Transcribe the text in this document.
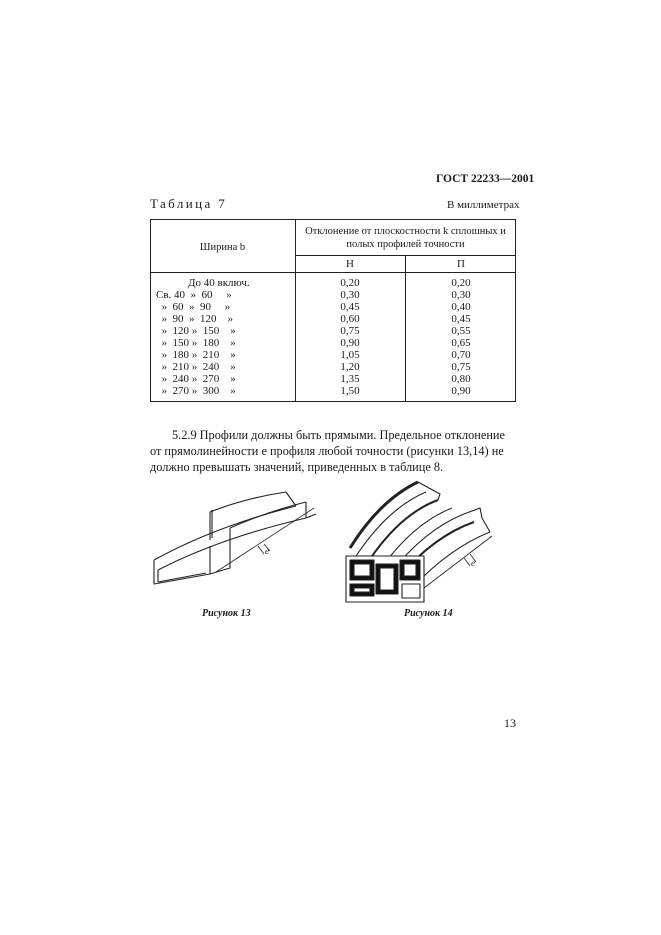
ГОСТ 22233—2001
Таблица 7	В миллиметрах
Ширина b
Отклонение от плоскостности k сплошных и
полых профилей точности
Н	П
До 40 включ.	0,20	0,20
Св. 40  »  60     »	0,30	0,30
»  60  »  90     »	0,45	0,40
»  90  »  120    »	0,60	0,45
»  120 »  150    »	0,75	0,55
»  150 »  180    »	0,90	0,65
»  180 »  210    »	1,05	0,70
»  210 »  240    »	1,20	0,75
»  240 »  270    »	1,35	0,80
»  270 »  300    »	1,50	0,90
5.2.9 Профили должны быть прямыми. Предельное отклонение
от прямолинейности e профиля любой точности (рисунки 13,14) не
должно превышать значений, приведенных в таблице 8.
e
Рисунок 13
e
Рисунок 14
13
